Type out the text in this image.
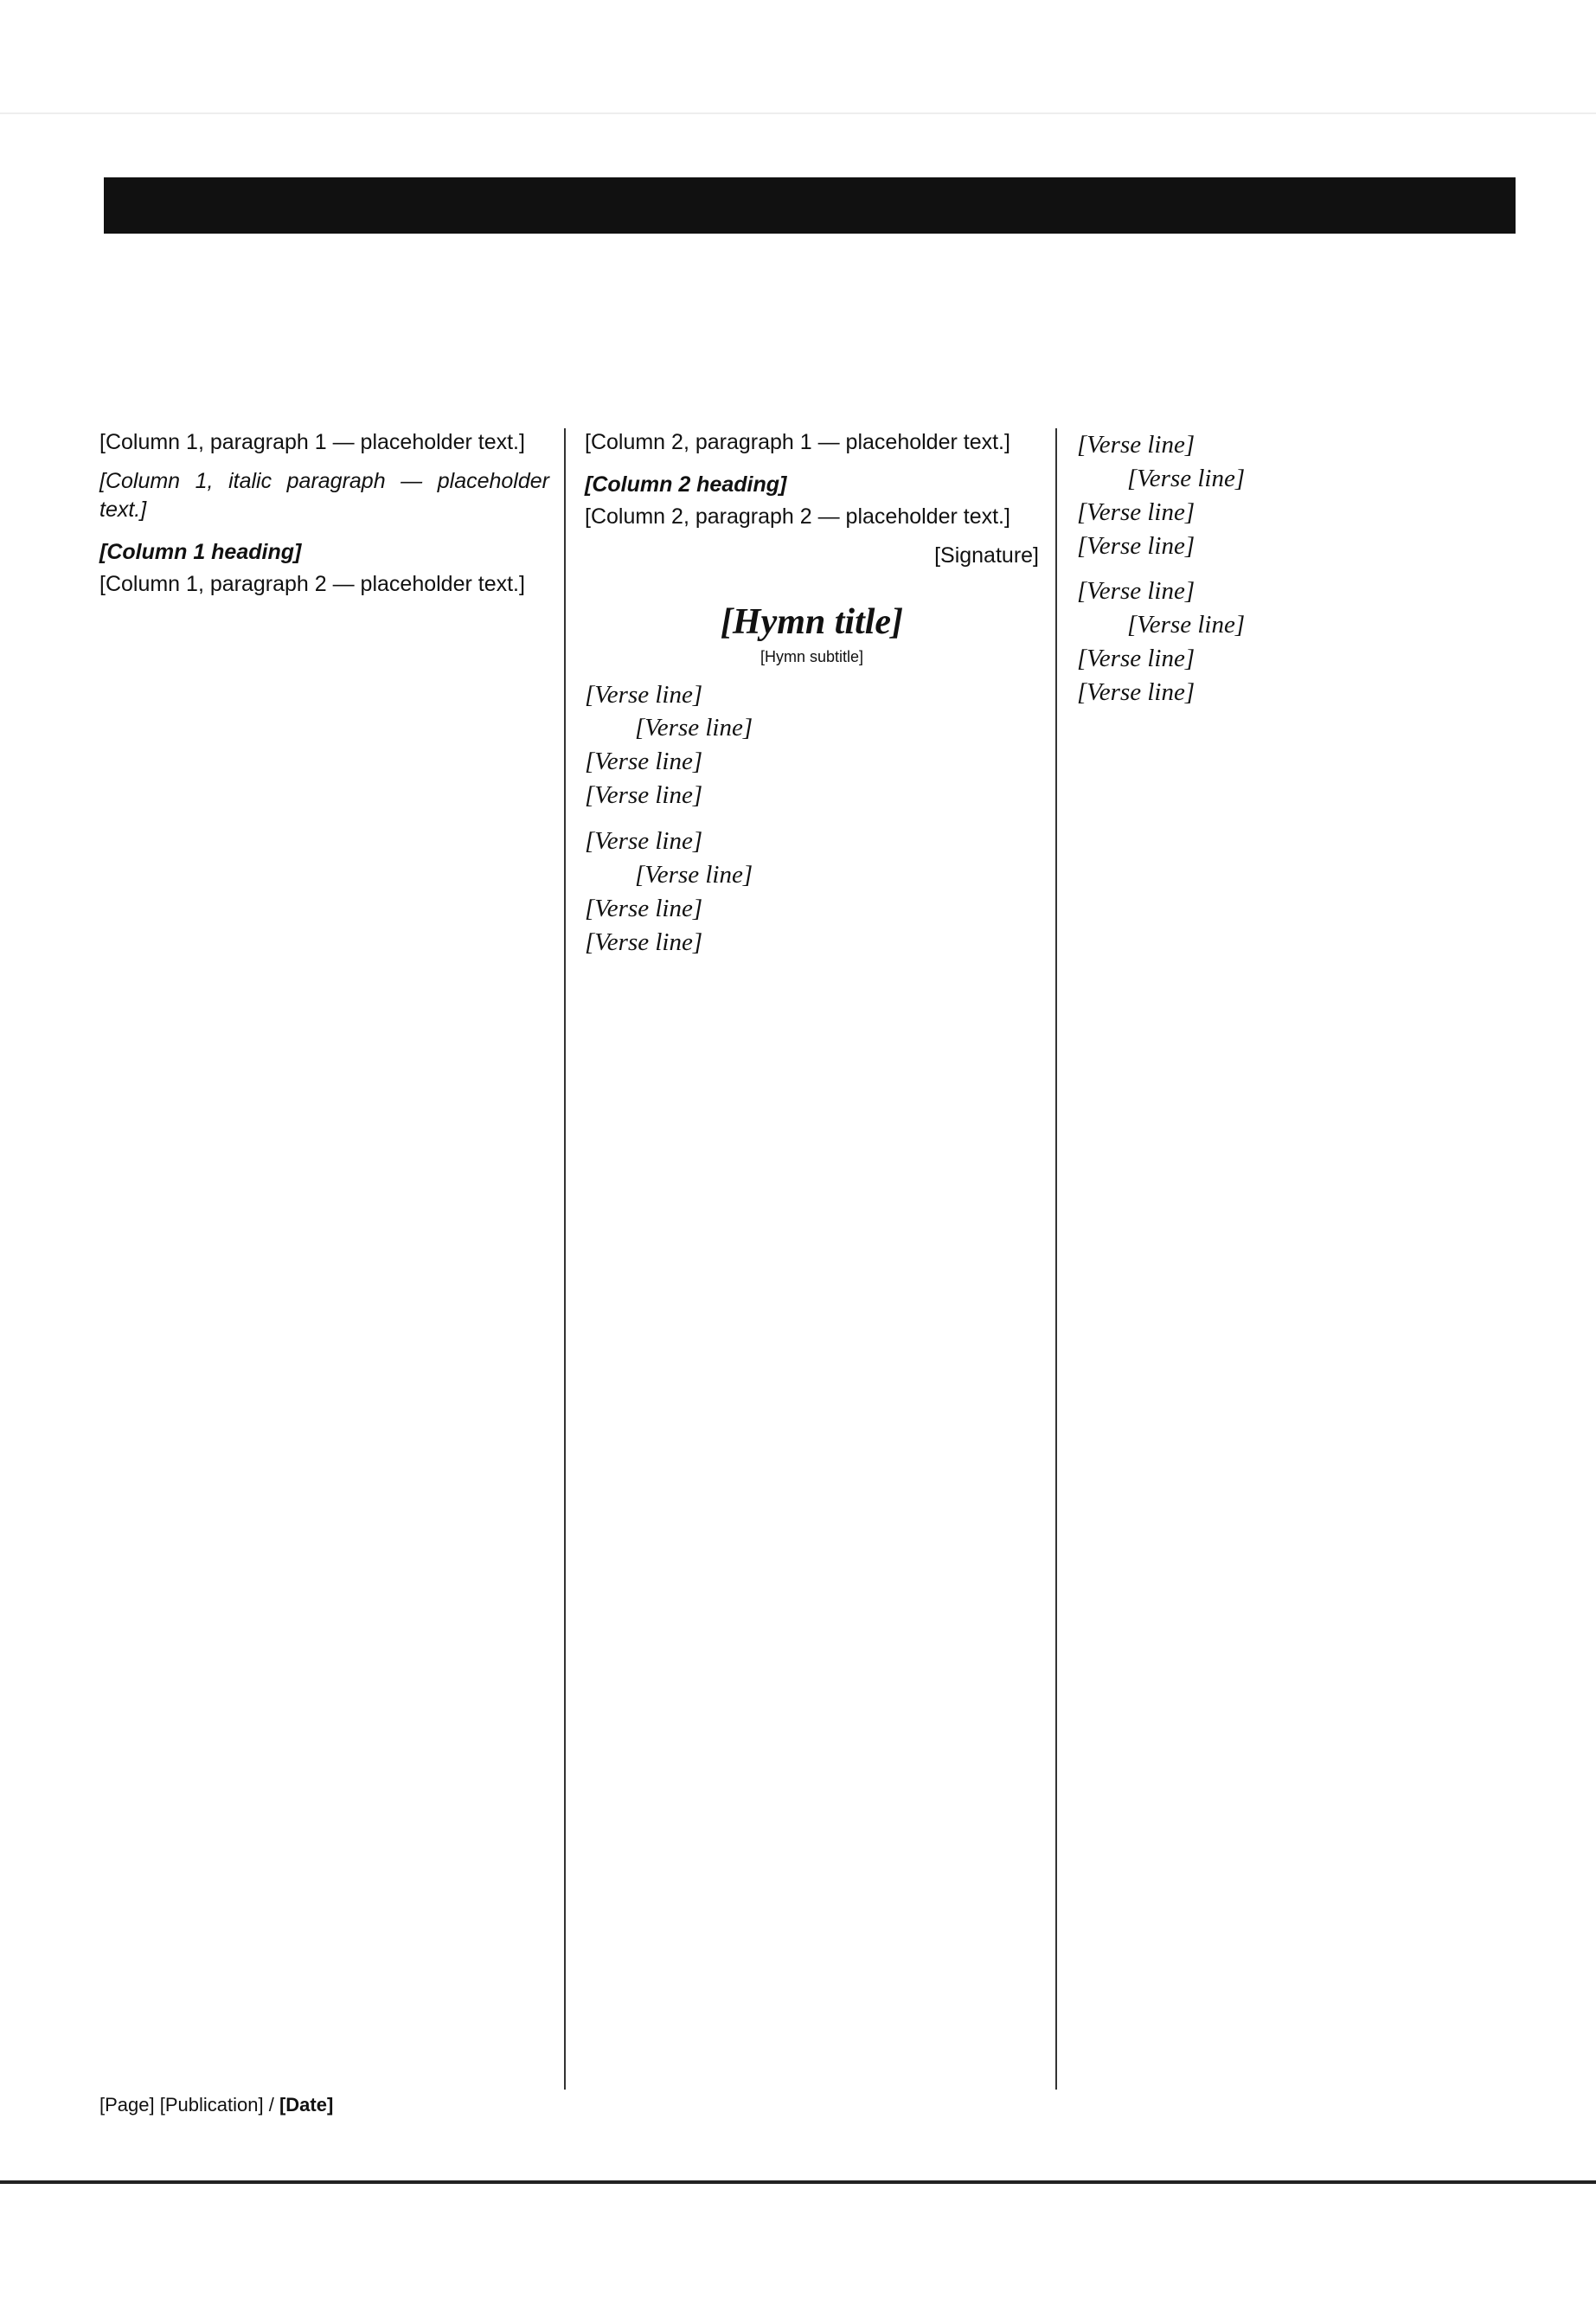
[Column 1, paragraph 1 — placeholder text.]

[Column 1, italic paragraph — placeholder text.]

[Column 1 heading]

[Column 1, paragraph 2 — placeholder text.]

[Column 2, paragraph 1 — placeholder text.]

[Column 2 heading]

[Column 2, paragraph 2 — placeholder text.]

[Signature]

[Hymn title]
[Hymn subtitle]
[Verse line]
[Verse line]
[Verse line]
[Verse line]
[Verse line]
[Verse line]
[Verse line]
[Verse line]
[Verse line]
[Verse line]
[Verse line]
[Verse line]
[Verse line]
[Verse line]
[Verse line]
[Verse line]
[Page] [Publication] / [Date]
